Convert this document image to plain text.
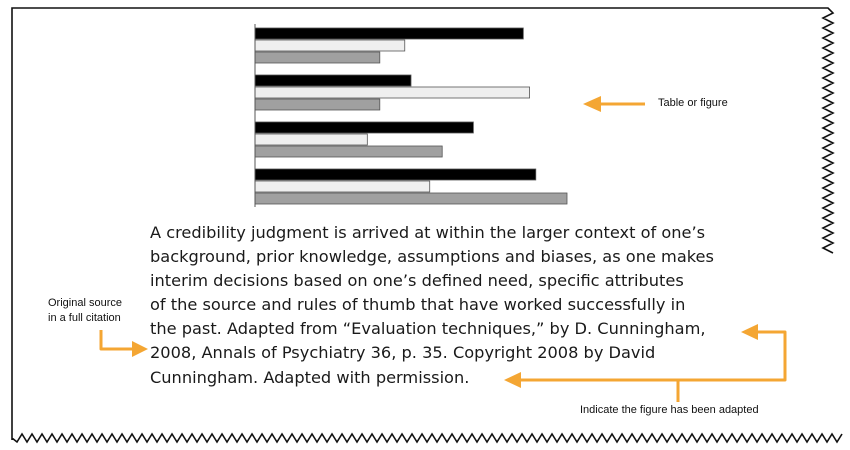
A credibility judgment is arrived at within the larger context of one’s
background, prior knowledge, assumptions and biases, as one makes
interim decisions based on one’s defined need, specific attributes
of the source and rules of thumb that have worked successfully in
the past. Adapted from “Evaluation techniques,” by D. Cunningham,
2008, Annals of Psychiatry 36, p. 35. Copyright 2008 by David
Cunningham. Adapted with permission.

Table or figure
Original source
in a full citation
Indicate the figure has been adapted
